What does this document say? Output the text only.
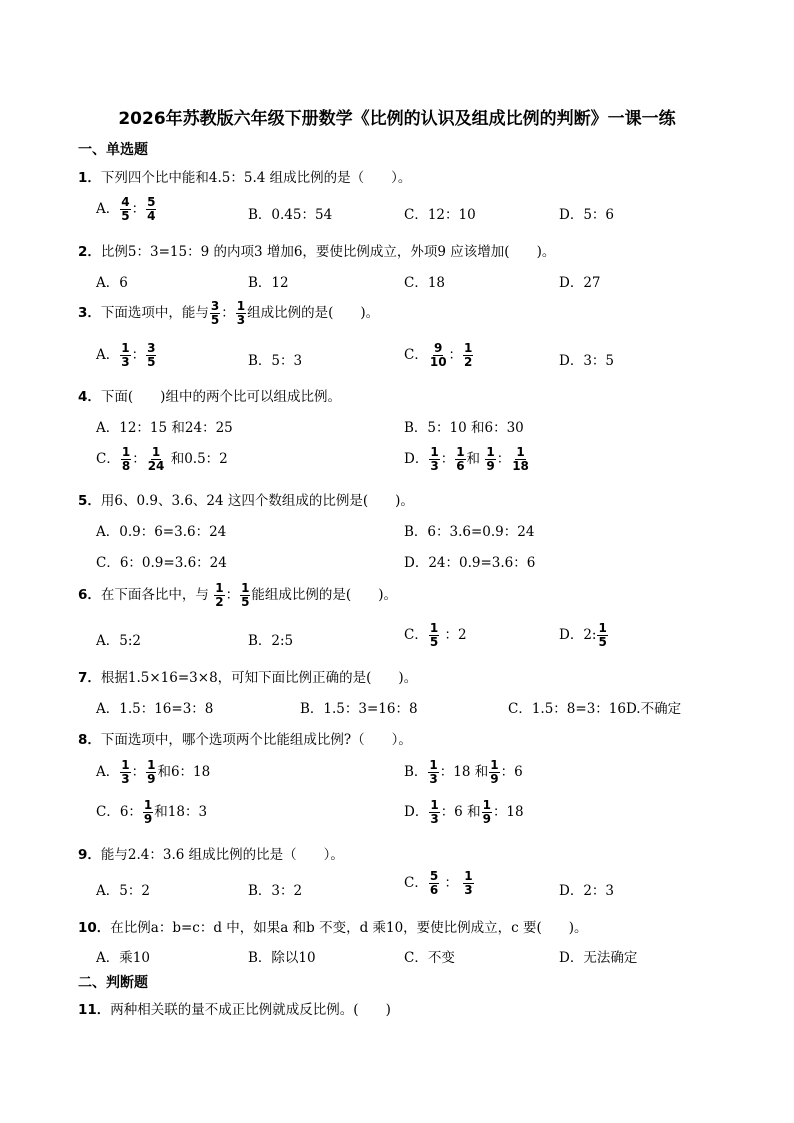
2026年苏教版六年级下册数学《比例的认识及组成比例的判断》一课一练
一、单选题
1．下列四个比中能和4.5：5.4 组成比例的是（　　）。
A． $\frac{4}{5}$ ： $\frac{5}{4}$	B．0.45：54	C．12：10	D．5：6
2．比例5：3=15：9 的内项3 增加6，要使比例成立，外项9 应该增加(　　)。
A．6	B．12	C．18	D．27
3．下面选项中，能与 $\frac{3}{5}$ ： $\frac{1}{3}$ 组成比例的是(　　)。
A． $\frac{1}{3}$ ： $\frac{3}{5}$	B．5：3	C． $\frac{9}{10}$ ： $\frac{1}{2}$	D．3：5
4．下面(　　)组中的两个比可以组成比例。
A．12：15 和24：25	B．5：10 和6：30
C． $\frac{1}{8}$ ： $\frac{1}{24}$ 和0.5：2	D． $\frac{1}{3}$ ： $\frac{1}{6}$ 和 $\frac{1}{9}$ ： $\frac{1}{18}$
5．用6、0.9、3.6、24 这四个数组成的比例是(　　)。
A．0.9：6=3.6：24	B．6：3.6=0.9：24
C．6：0.9=3.6：24	D．24：0.9=3.6：6
6．在下面各比中，与 $\frac{1}{2}$ ： $\frac{1}{5}$ 能组成比例的是(　　)。
A．5:2	B．2:5	C． $\frac{1}{5}$ ：2	D．2: $\frac{1}{5}$
7．根据1.5×16=3×8，可知下面比例正确的是(　　)。
A．1.5：16=3：8	B．1.5：3=16：8	C．1.5：8=3：16D.不确定
8．下面选项中，哪个选项两个比能组成比例?（　　）。
A． $\frac{1}{3}$ ： $\frac{1}{9}$ 和6：18	B． $\frac{1}{3}$ ：18 和 $\frac{1}{9}$ ：6
C．6： $\frac{1}{9}$ 和18：3	D． $\frac{1}{3}$ ：6 和 $\frac{1}{9}$ ：18
9．能与2.4：3.6 组成比例的比是（　　）。
A．5：2	B．3：2	C． $\frac{5}{6}$ ： $\frac{1}{3}$	D．2：3
10．在比例a：b=c：d 中，如果a 和b 不变，d 乘10，要使比例成立，c 要(　　)。
A．乘10	B．除以10	C．不变	D．无法确定
二、判断题
11．两种相关联的量不成正比例就成反比例。(　　)
